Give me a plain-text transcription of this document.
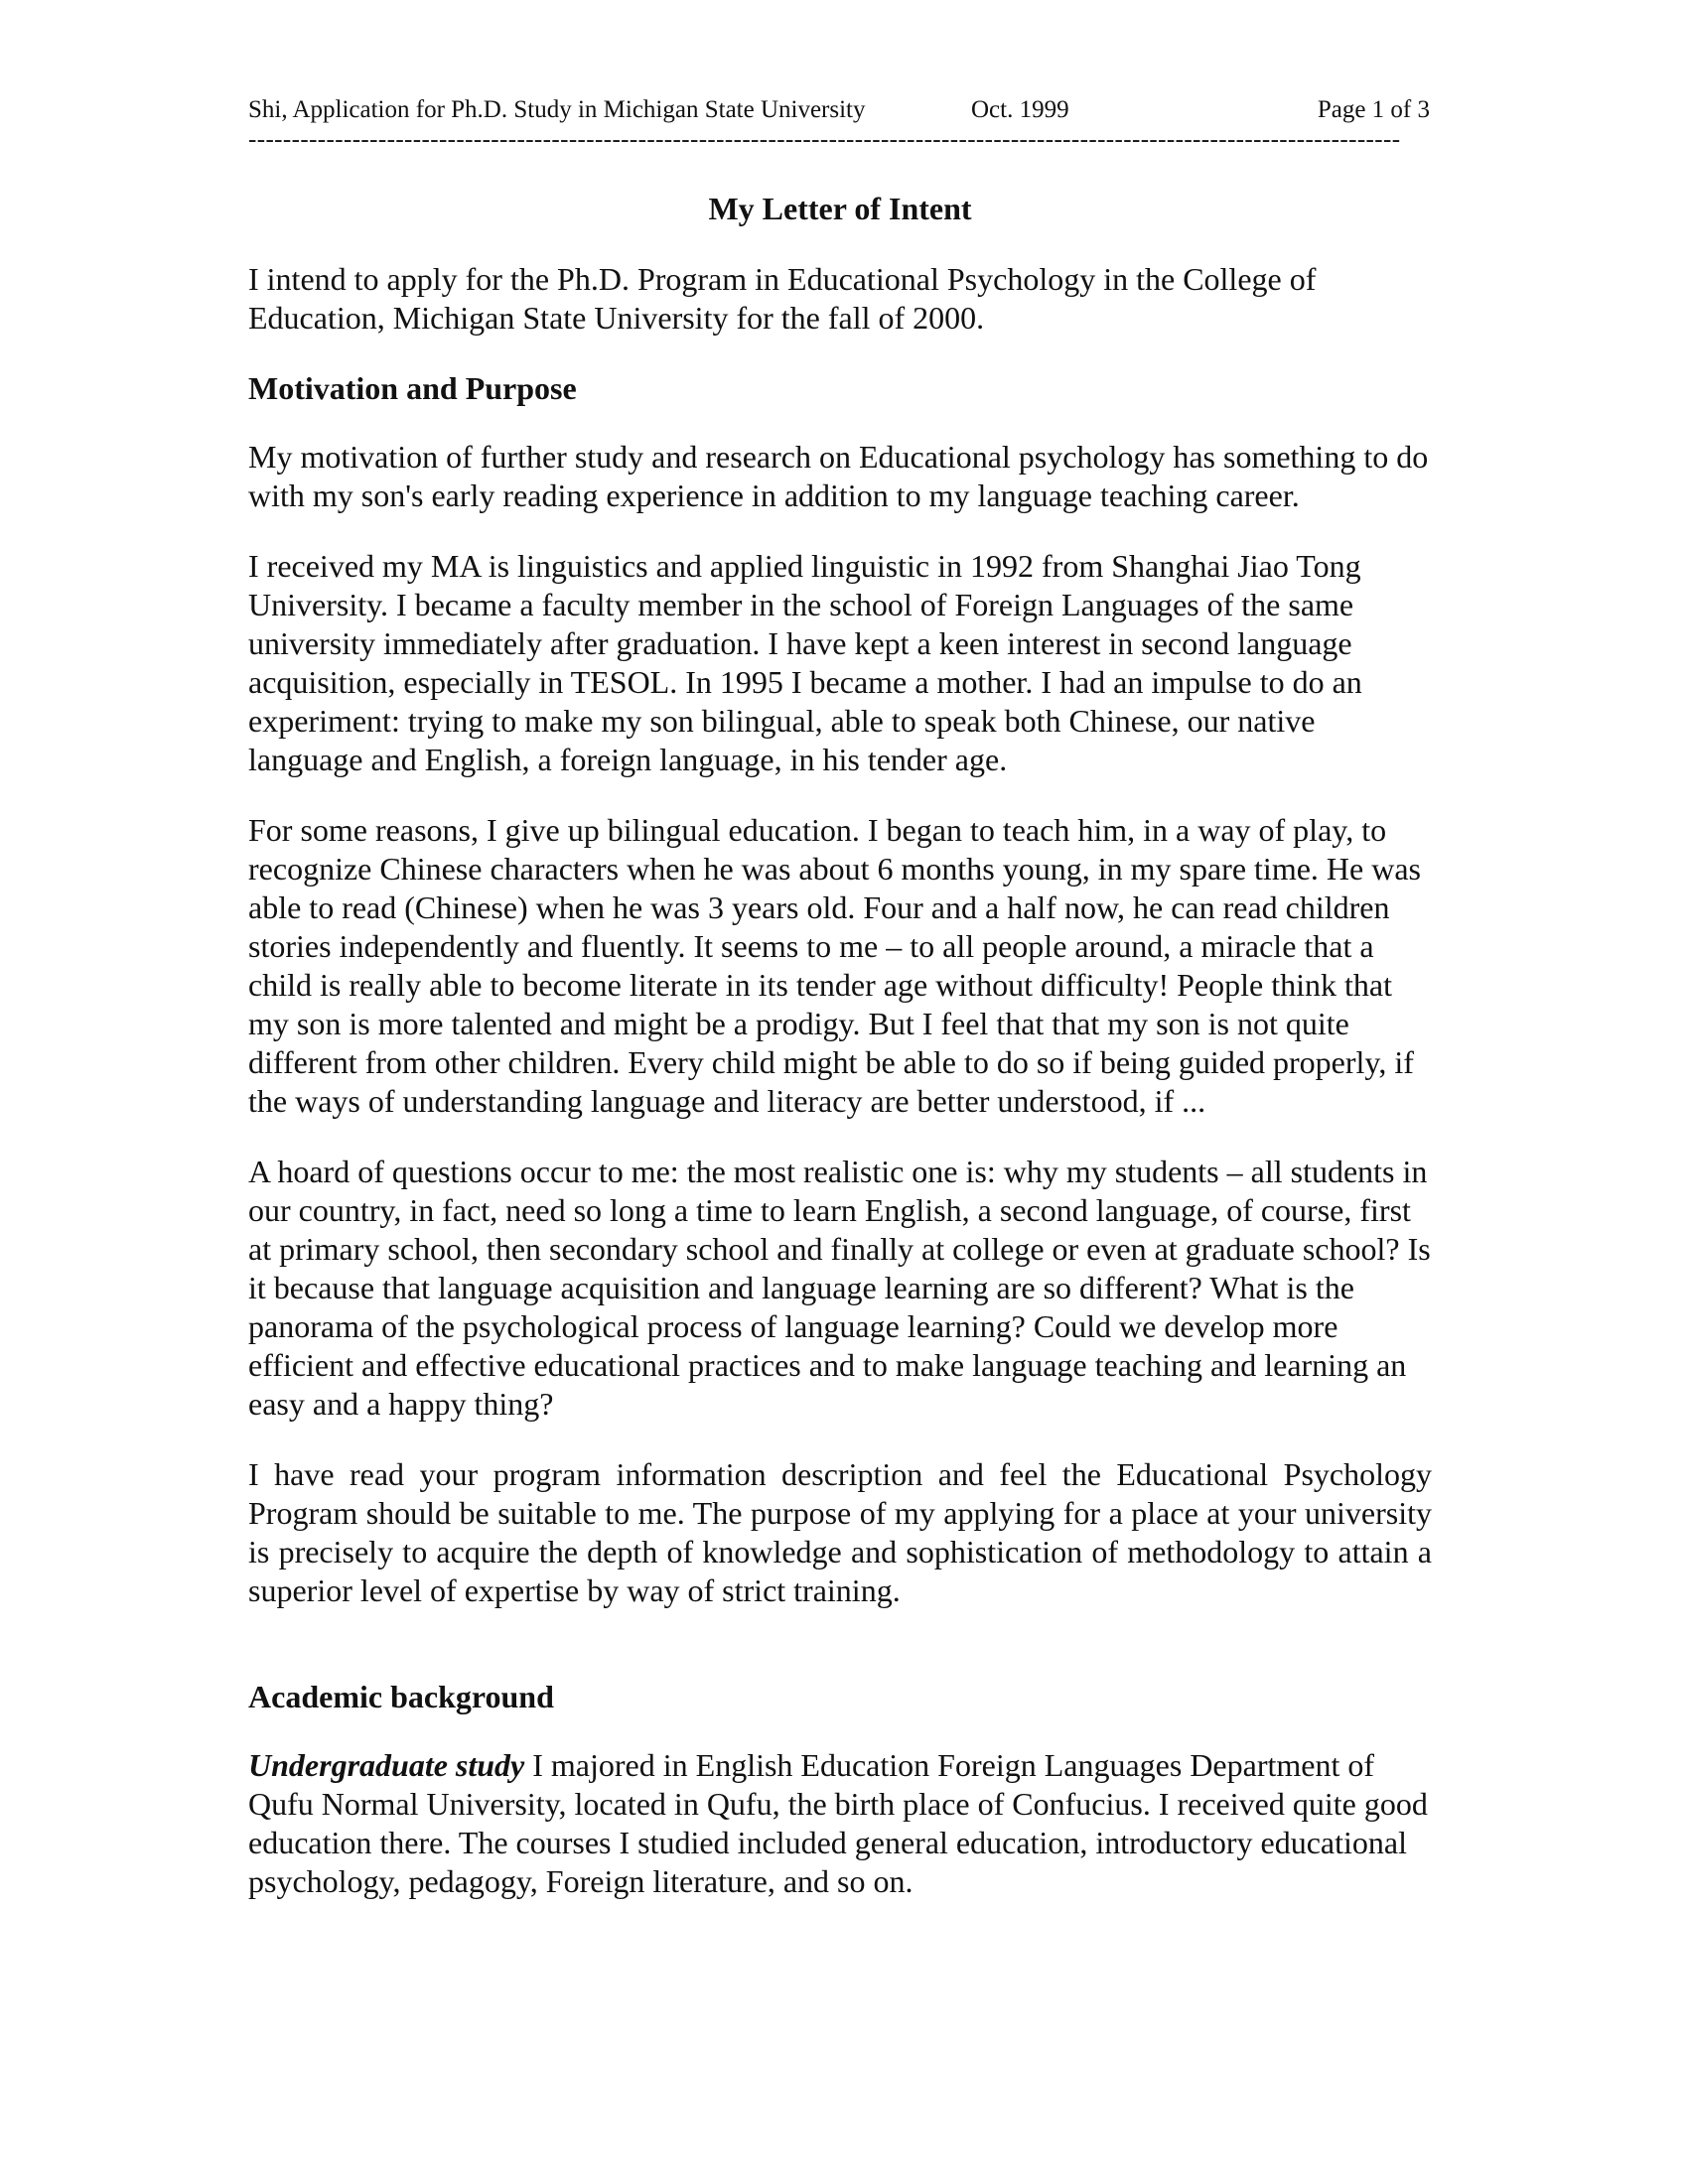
Shi, Application for Ph.D. Study in Michigan State University	Oct. 1999	Page 1 of 3
-------------------------------------------------------------------------------------------------------------------------------------
My Letter of Intent

I intend to apply for the Ph.D. Program in Educational Psychology in the College of Education, Michigan State University for the fall of 2000.

Motivation and Purpose

My motivation of further study and research on Educational psychology has something to do with my son's early reading experience in addition to my language teaching career.

I received my MA is linguistics and applied linguistic in 1992 from Shanghai Jiao Tong University. I became a faculty member in the school of Foreign Languages of the same university immediately after graduation. I have kept a keen interest in second language acquisition, especially in TESOL. In 1995 I became a mother. I had an impulse to do an experiment: trying to make my son bilingual, able to speak both Chinese, our native language and English, a foreign language, in his tender age.

For some reasons, I give up bilingual education. I began to teach him, in a way of play, to recognize Chinese characters when he was about 6 months young, in my spare time. He was able to read (Chinese) when he was 3 years old. Four and a half now, he can read children stories independently and fluently. It seems to me – to all people around, a miracle that a child is really able to become literate in its tender age without difficulty! People think that my son is more talented and might be a prodigy. But I feel that that my son is not quite different from other children. Every child might be able to do so if being guided properly, if the ways of understanding language and literacy are better understood, if ...

A hoard of questions occur to me: the most realistic one is: why my students – all students in our country, in fact, need so long a time to learn English, a second language, of course, first at primary school, then secondary school and finally at college or even at graduate school? Is it because that language acquisition and language learning are so different? What is the panorama of the psychological process of language learning? Could we develop more efficient and effective educational practices and to make language teaching and learning an easy and a happy thing?

I have read your program information description and feel the Educational Psychology Program should be suitable to me. The purpose of my applying for a place at your university is precisely to acquire the depth of knowledge and sophistication of methodology to attain a superior level of expertise by way of strict training.

Academic background

Undergraduate study I majored in English Education Foreign Languages Department of Qufu Normal University, located in Qufu, the birth place of Confucius. I received quite good education there. The courses I studied included general education, introductory educational psychology, pedagogy, Foreign literature, and so on.
